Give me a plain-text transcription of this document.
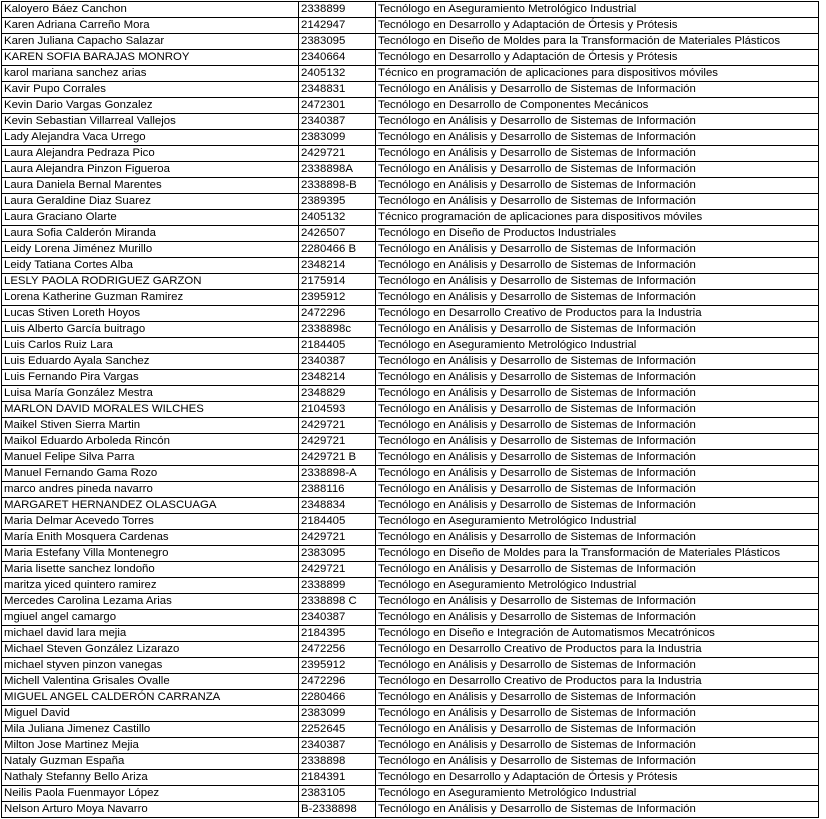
Kaloyero Báez Canchon	2338899	Tecnólogo en Aseguramiento Metrológico Industrial
Karen Adriana Carreño Mora	2142947	Tecnólogo en Desarrollo y Adaptación de Órtesis y Prótesis
Karen Juliana Capacho Salazar	2383095	Tecnólogo en Diseño de Moldes para la Transformación de Materiales Plásticos
KAREN SOFIA BARAJAS MONROY	2340664	Tecnólogo en Desarrollo y Adaptación de Órtesis y Prótesis
karol mariana sanchez arias	2405132	Técnico en programación de aplicaciones para dispositivos móviles
Kavir Pupo Corrales	2348831	Tecnólogo en Análisis y Desarrollo de Sistemas de Información
Kevin Dario Vargas Gonzalez	2472301	Tecnólogo en Desarrollo de Componentes Mecánicos
Kevin Sebastian Villarreal Vallejos	2340387	Tecnólogo en Análisis y Desarrollo de Sistemas de Información
Lady Alejandra Vaca Urrego	2383099	Tecnólogo en Análisis y Desarrollo de Sistemas de Información
Laura Alejandra Pedraza Pico	2429721	Tecnólogo en Análisis y Desarrollo de Sistemas de Información
Laura Alejandra Pinzon Figueroa	2338898A	Tecnólogo en Análisis y Desarrollo de Sistemas de Información
Laura Daniela Bernal Marentes	2338898-B	Tecnólogo en Análisis y Desarrollo de Sistemas de Información
Laura Geraldine Diaz Suarez	2389395	Tecnólogo en Análisis y Desarrollo de Sistemas de Información
Laura Graciano Olarte	2405132	Técnico programación de aplicaciones para dispositivos móviles
Laura Sofia Calderón Miranda	2426507	Tecnólogo en Diseño de Productos Industriales
Leidy Lorena Jiménez Murillo	2280466 B	Tecnólogo en Análisis y Desarrollo de Sistemas de Información
Leidy Tatiana Cortes Alba	2348214	Tecnólogo en Análisis y Desarrollo de Sistemas de Información
LESLY PAOLA RODRIGUEZ GARZON	2175914	Tecnólogo en Análisis y Desarrollo de Sistemas de Información
Lorena Katherine Guzman Ramirez	2395912	Tecnólogo en Análisis y Desarrollo de Sistemas de Información
Lucas Stiven Loreth Hoyos	2472296	Tecnólogo en Desarrollo Creativo de Productos para la Industria
Luis Alberto García buitrago	2338898c	Tecnólogo en Análisis y Desarrollo de Sistemas de Información
Luis Carlos Ruiz Lara	2184405	Tecnólogo en Aseguramiento Metrológico Industrial
Luis Eduardo Ayala Sanchez	2340387	Tecnólogo en Análisis y Desarrollo de Sistemas de Información
Luis Fernando Pira Vargas	2348214	Tecnólogo en Análisis y Desarrollo de Sistemas de Información
Luisa María González Mestra	2348829	Tecnólogo en Análisis y Desarrollo de Sistemas de Información
MARLON DAVID MORALES WILCHES	2104593	Tecnólogo en Análisis y Desarrollo de Sistemas de Información
Maikel Stiven Sierra Martin	2429721	Tecnólogo en Análisis y Desarrollo de Sistemas de Información
Maikol Eduardo Arboleda Rincón	2429721	Tecnólogo en Análisis y Desarrollo de Sistemas de Información
Manuel Felipe Silva Parra	2429721 B	Tecnólogo en Análisis y Desarrollo de Sistemas de Información
Manuel Fernando Gama Rozo	2338898-A	Tecnólogo en Análisis y Desarrollo de Sistemas de Información
marco andres pineda navarro	2388116	Tecnólogo en Análisis y Desarrollo de Sistemas de Información
MARGARET HERNANDEZ OLASCUAGA	2348834	Tecnólogo en Análisis y Desarrollo de Sistemas de Información
Maria Delmar Acevedo Torres	2184405	Tecnólogo en Aseguramiento Metrológico Industrial
María Enith Mosquera Cardenas	2429721	Tecnólogo en Análisis y Desarrollo de Sistemas de Información
Maria Estefany Villa Montenegro	2383095	Tecnólogo en Diseño de Moldes para la Transformación de Materiales Plásticos
Maria lisette sanchez londoño	2429721	Tecnólogo en Análisis y Desarrollo de Sistemas de Información
maritza yiced quintero ramirez	2338899	Tecnólogo en Aseguramiento Metrológico Industrial
Mercedes Carolina Lezama Arias	2338898 C	Tecnólogo en Análisis y Desarrollo de Sistemas de Información
mgiuel angel camargo	2340387	Tecnólogo en Análisis y Desarrollo de Sistemas de Información
michael david lara mejia	2184395	Tecnólogo en Diseño e Integración de Automatismos Mecatrónicos
Michael Steven González Lizarazo	2472256	Tecnólogo en Desarrollo Creativo de Productos para la Industria
michael styven pinzon vanegas	2395912	Tecnólogo en Análisis y Desarrollo de Sistemas de Información
Michell Valentina Grisales Ovalle	2472296	Tecnólogo en Desarrollo Creativo de Productos para la Industria
MIGUEL ANGEL CALDERÓN CARRANZA	2280466	Tecnólogo en Análisis y Desarrollo de Sistemas de Información
Miguel David	2383099	Tecnólogo en Análisis y Desarrollo de Sistemas de Información
Mila Juliana Jimenez Castillo	2252645	Tecnólogo en Análisis y Desarrollo de Sistemas de Información
Milton Jose Martinez Mejia	2340387	Tecnólogo en Análisis y Desarrollo de Sistemas de Información
Nataly Guzman España	2338898	Tecnólogo en Análisis y Desarrollo de Sistemas de Información
Nathaly Stefanny Bello Ariza	2184391	Tecnólogo en Desarrollo y Adaptación de Órtesis y Prótesis
Neilis Paola Fuenmayor López	2383105	Tecnólogo en Aseguramiento Metrológico Industrial
Nelson Arturo Moya Navarro	B-2338898	Tecnólogo en Análisis y Desarrollo de Sistemas de Información
